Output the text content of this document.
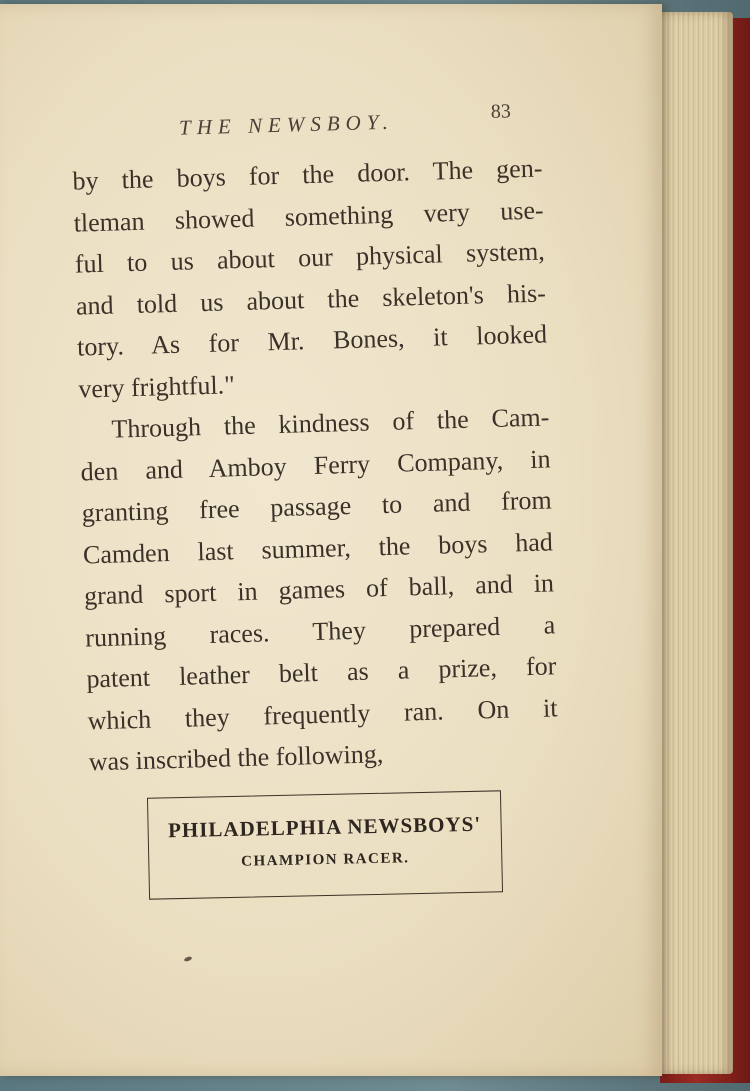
THE NEWSBOY.	83

by the boys for the door. The gen-
tleman showed something very use-
ful to us about our physical system,
and told us about the skeleton's his-
tory. As for Mr. Bones, it looked
very frightful."

Through the kindness of the Cam-
den and Amboy Ferry Company, in
granting free passage to and from
Camden last summer, the boys had
grand sport in games of ball, and in
running races. They prepared a
patent leather belt as a prize, for
which they frequently ran. On it
was inscribed the following,

PHILADELPHIA NEWSBOYS'
CHAMPION RACER.
